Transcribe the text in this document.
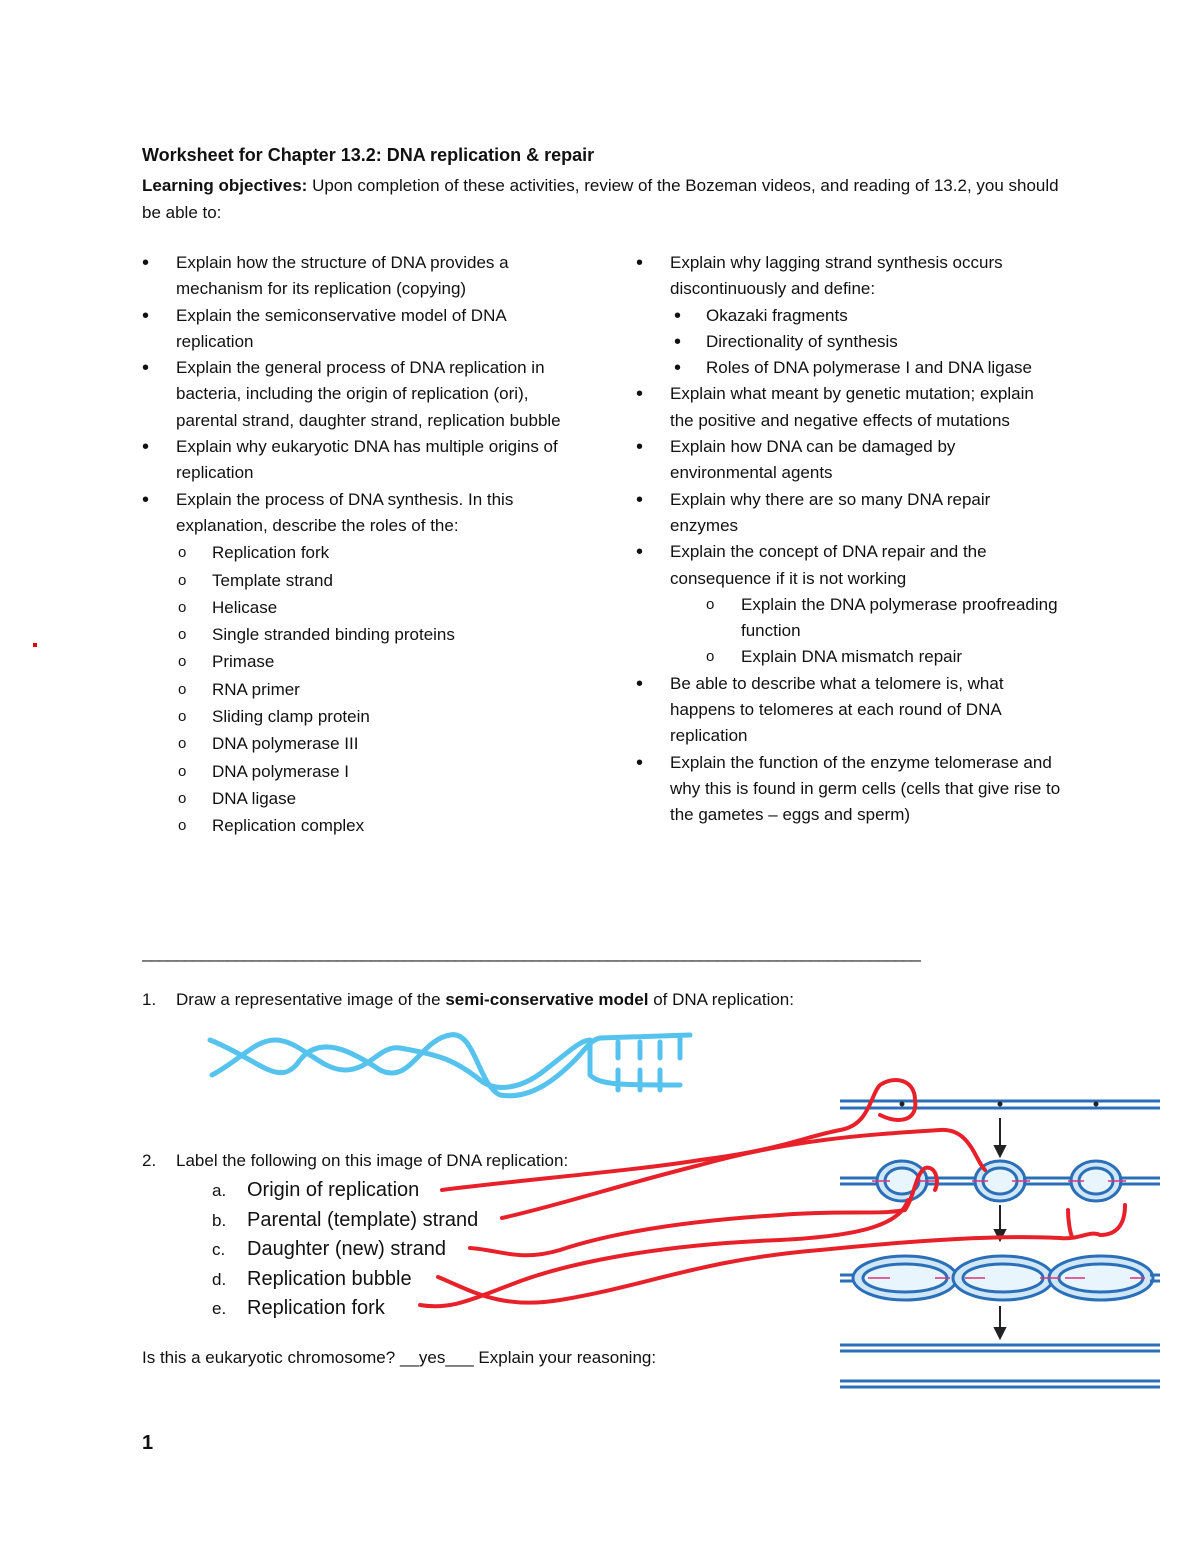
Worksheet for Chapter 13.2: DNA replication & repair
Learning objectives: Upon completion of these activities, review of the Bozeman videos, and reading of 13.2, you should be able to:
• Explain how the structure of DNA provides a mechanism for its replication (copying)
• Explain the semiconservative model of DNA replication
• Explain the general process of DNA replication in bacteria, including the origin of replication (ori), parental strand, daughter strand, replication bubble
• Explain why eukaryotic DNA has multiple origins of replication
• Explain the process of DNA synthesis. In this explanation, describe the roles of the:
o Replication fork
o Template strand
o Helicase
o Single stranded binding proteins
o Primase
o RNA primer
o Sliding clamp protein
o DNA polymerase III
o DNA polymerase I
o DNA ligase
o Replication complex
• Explain why lagging strand synthesis occurs discontinuously and define:
• Okazaki fragments
• Directionality of synthesis
• Roles of DNA polymerase I and DNA ligase
• Explain what meant by genetic mutation; explain the positive and negative effects of mutations
• Explain how DNA can be damaged by environmental agents
• Explain why there are so many DNA repair enzymes
• Explain the concept of DNA repair and the consequence if it is not working
o Explain the DNA polymerase proofreading function
o Explain DNA mismatch repair
• Be able to describe what a telomere is, what happens to telomeres at each round of DNA replication
• Explain the function of the enzyme telomerase and why this is found in germ cells (cells that give rise to the gametes – eggs and sperm)
____________________________________________________________________________________________
1. Draw a representative image of the semi-conservative model of DNA replication:
2. Label the following on this image of DNA replication:
a. Origin of replication
b. Parental (template) strand
c. Daughter (new) strand
d. Replication bubble
e. Replication fork
Is this a eukaryotic chromosome? __yes___ Explain your reasoning:
1
